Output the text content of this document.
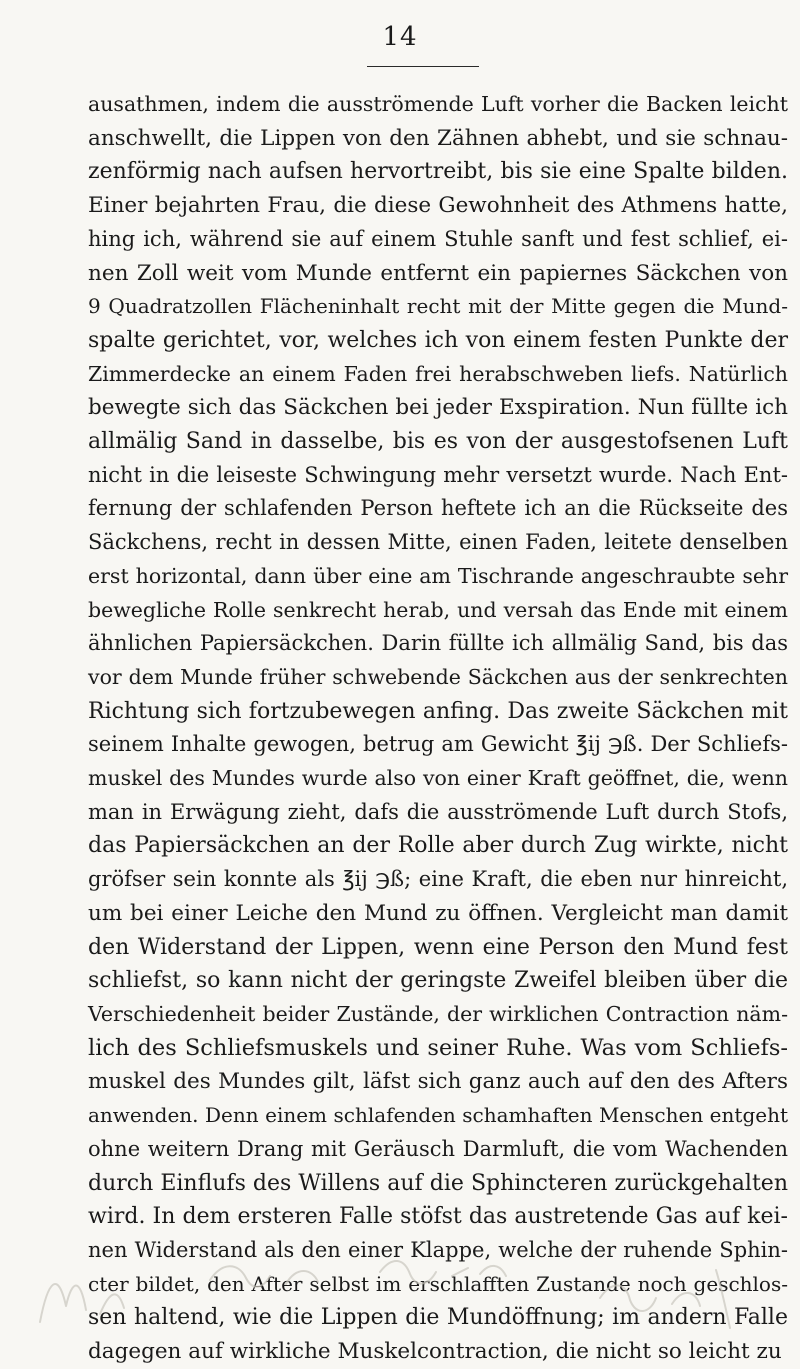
14
ausathmen, indem die ausströmende Luft vorher die Backen leicht
anschwellt, die Lippen von den Zähnen abhebt, und sie schnau-
zenförmig nach aufsen hervortreibt, bis sie eine Spalte bilden.
Einer bejahrten Frau, die diese Gewohnheit des Athmens hatte,
hing ich, während sie auf einem Stuhle sanft und fest schlief, ei-
nen Zoll weit vom Munde entfernt ein papiernes Säckchen von
9 Quadratzollen Flächeninhalt recht mit der Mitte gegen die Mund-
spalte gerichtet, vor, welches ich von einem festen Punkte der
Zimmerdecke an einem Faden frei herabschweben liefs. Natürlich
bewegte sich das Säckchen bei jeder Exspiration. Nun füllte ich
allmälig Sand in dasselbe, bis es von der ausgestofsenen Luft
nicht in die leiseste Schwingung mehr versetzt wurde. Nach Ent-
fernung der schlafenden Person heftete ich an die Rückseite des
Säckchens, recht in dessen Mitte, einen Faden, leitete denselben
erst horizontal, dann über eine am Tischrande angeschraubte sehr
bewegliche Rolle senkrecht herab, und versah das Ende mit einem
ähnlichen Papiersäckchen. Darin füllte ich allmälig Sand, bis das
vor dem Munde früher schwebende Säckchen aus der senkrechten
Richtung sich fortzubewegen anfing. Das zweite Säckchen mit
seinem Inhalte gewogen, betrug am Gewicht ℥ij ℈ß. Der Schliefs-
muskel des Mundes wurde also von einer Kraft geöffnet, die, wenn
man in Erwägung zieht, dafs die ausströmende Luft durch Stofs,
das Papiersäckchen an der Rolle aber durch Zug wirkte, nicht
gröfser sein konnte als ℥ij ℈ß; eine Kraft, die eben nur hinreicht,
um bei einer Leiche den Mund zu öffnen. Vergleicht man damit
den Widerstand der Lippen, wenn eine Person den Mund fest
schliefst, so kann nicht der geringste Zweifel bleiben über die
Verschiedenheit beider Zustände, der wirklichen Contraction näm-
lich des Schliefsmuskels und seiner Ruhe. Was vom Schliefs-
muskel des Mundes gilt, läfst sich ganz auch auf den des Afters
anwenden. Denn einem schlafenden schamhaften Menschen entgeht
ohne weitern Drang mit Geräusch Darmluft, die vom Wachenden
durch Einflufs des Willens auf die Sphincteren zurückgehalten
wird. In dem ersteren Falle stöfst das austretende Gas auf kei-
nen Widerstand als den einer Klappe, welche der ruhende Sphin-
cter bildet, den After selbst im erschlafften Zustande noch geschlos-
sen haltend, wie die Lippen die Mundöffnung; im andern Falle
dagegen auf wirkliche Muskelcontraction, die nicht so leicht zu
